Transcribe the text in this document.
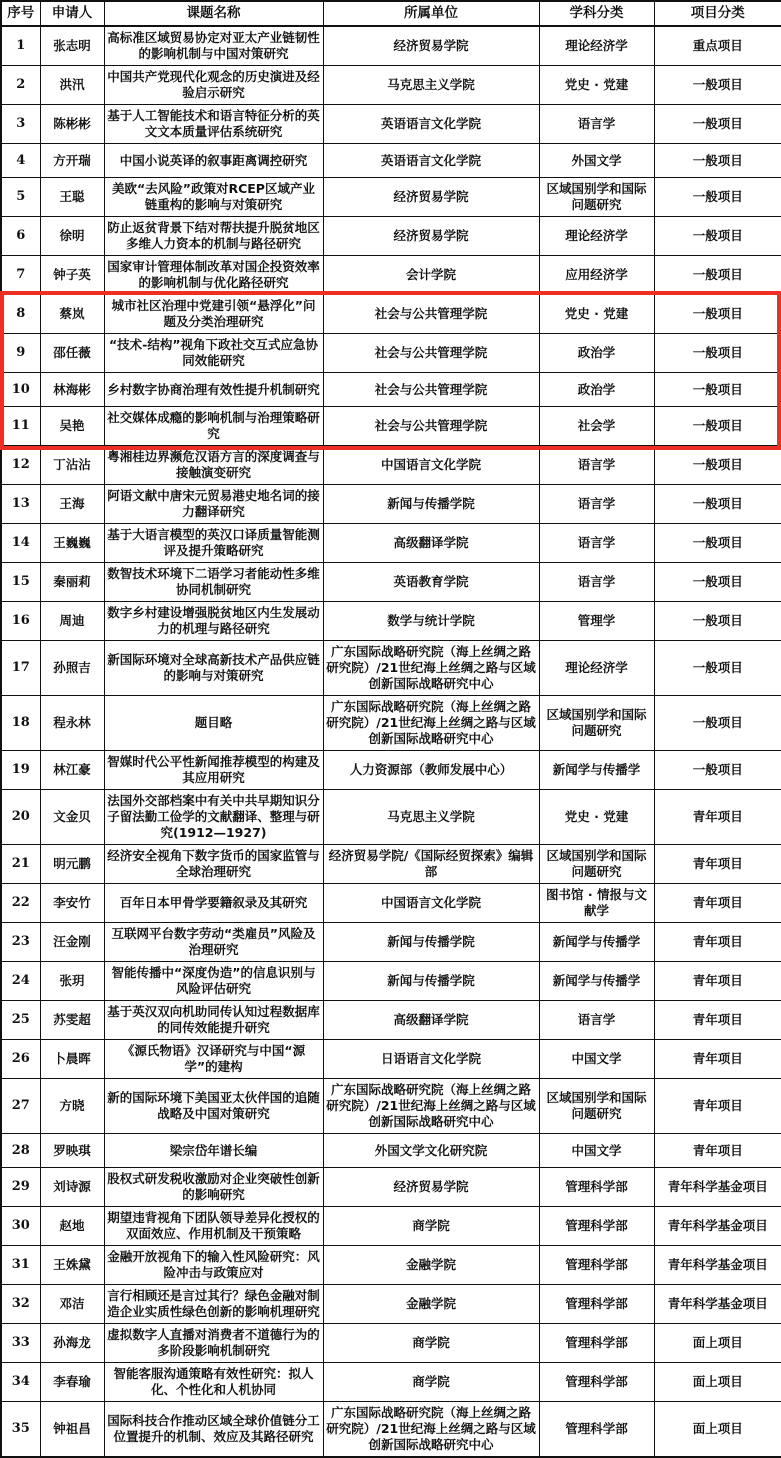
序号	申请人	课题名称	所属单位	学科分类	项目分类
1	张志明	高标准区域贸易协定对亚太产业链韧性的影响机制与中国对策研究	经济贸易学院	理论经济学	重点项目
2	洪汛	中国共产党现代化观念的历史演进及经验启示研究	马克思主义学院	党史 · 党建	一般项目
3	陈彬彬	基于人工智能技术和语言特征分析的英文文本质量评估系统研究	英语语言文化学院	语言学	一般项目
4	方开瑞	中国小说英译的叙事距离调控研究	英语语言文化学院	外国文学	一般项目
5	王聪	美欧“去风险”政策对RCEP区域产业链重构的影响与对策研究	经济贸易学院	区域国别学和国际问题研究	一般项目
6	徐明	防止返贫背景下结对帮扶提升脱贫地区多维人力资本的机制与路径研究	经济贸易学院	理论经济学	一般项目
7	钟子英	国家审计管理体制改革对国企投资效率的影响机制与优化路径研究	会计学院	应用经济学	一般项目
8	蔡岚	城市社区治理中党建引领“悬浮化”问题及分类治理研究	社会与公共管理学院	党史 · 党建	一般项目
9	邵任薇	“技术-结构”视角下政社交互式应急协同效能研究	社会与公共管理学院	政治学	一般项目
10	林海彬	乡村数字协商治理有效性提升机制研究	社会与公共管理学院	政治学	一般项目
11	吴艳	社交媒体成瘾的影响机制与治理策略研究	社会与公共管理学院	社会学	一般项目
12	丁沾沾	粤湘桂边界濒危汉语方言的深度调查与接触演变研究	中国语言文化学院	语言学	一般项目
13	王海	阿语文献中唐宋元贸易港史地名词的接力翻译研究	新闻与传播学院	语言学	一般项目
14	王巍巍	基于大语言模型的英汉口译质量智能测评及提升策略研究	高级翻译学院	语言学	一般项目
15	秦丽莉	数智技术环境下二语学习者能动性多维协同机制研究	英语教育学院	语言学	一般项目
16	周迪	数字乡村建设增强脱贫地区内生发展动力的机理与路径研究	数学与统计学院	管理学	一般项目
17	孙照吉	新国际环境对全球高新技术产品供应链的影响与对策研究	广东国际战略研究院（海上丝绸之路研究院）/21世纪海上丝绸之路与区域创新国际战略研究中心	理论经济学	一般项目
18	程永林	题目略	广东国际战略研究院（海上丝绸之路研究院）/21世纪海上丝绸之路与区域创新国际战略研究中心	区域国别学和国际问题研究	一般项目
19	林江豪	智媒时代公平性新闻推荐模型的构建及其应用研究	人力资源部（教师发展中心）	新闻学与传播学	一般项目
20	文金贝	法国外交部档案中有关中共早期知识分子留法勤工俭学的文献翻译、整理与研究(1912—1927)	马克思主义学院	党史 · 党建	青年项目
21	明元鹏	经济安全视角下数字货币的国家监管与全球治理研究	经济贸易学院/《国际经贸探索》编辑部	区域国别学和国际问题研究	青年项目
22	李安竹	百年日本甲骨学要籍叙录及其研究	中国语言文化学院	图书馆 · 情报与文献学	青年项目
23	汪金刚	互联网平台数字劳动“类雇员”风险及治理研究	新闻与传播学院	新闻学与传播学	青年项目
24	张玥	智能传播中“深度伪造”的信息识别与风险评估研究	新闻与传播学院	新闻学与传播学	青年项目
25	苏雯超	基于英汉双向机助同传认知过程数据库的同传效能提升研究	高级翻译学院	语言学	青年项目
26	卜晨晖	《源氏物语》汉译研究与中国“源学”的建构	日语语言文化学院	中国文学	青年项目
27	方晓	新的国际环境下美国亚太伙伴国的追随战略及中国对策研究	广东国际战略研究院（海上丝绸之路研究院）/21世纪海上丝绸之路与区域创新国际战略研究中心	区域国别学和国际问题研究	青年项目
28	罗映琪	梁宗岱年谱长编	外国文学文化研究院	中国文学	青年项目
29	刘诗源	股权式研发税收激励对企业突破性创新的影响研究	经济贸易学院	管理科学部	青年科学基金项目
30	赵地	期望违背视角下团队领导差异化授权的双面效应、作用机制及干预策略	商学院	管理科学部	青年科学基金项目
31	王姝黛	金融开放视角下的输入性风险研究：风险冲击与政策应对	金融学院	管理科学部	青年科学基金项目
32	邓洁	言行相顾还是言过其行？绿色金融对制造企业实质性绿色创新的影响机理研究	金融学院	管理科学部	青年科学基金项目
33	孙海龙	虚拟数字人直播对消费者不道德行为的多阶段影响机制研究	商学院	管理科学部	面上项目
34	李春瑜	智能客服沟通策略有效性研究：拟人化、个性化和人机协同	商学院	管理科学部	面上项目
35	钟祖昌	国际科技合作推动区域全球价值链分工位置提升的机制、效应及其路径研究	广东国际战略研究院（海上丝绸之路研究院）/21世纪海上丝绸之路与区域创新国际战略研究中心	管理科学部	面上项目
